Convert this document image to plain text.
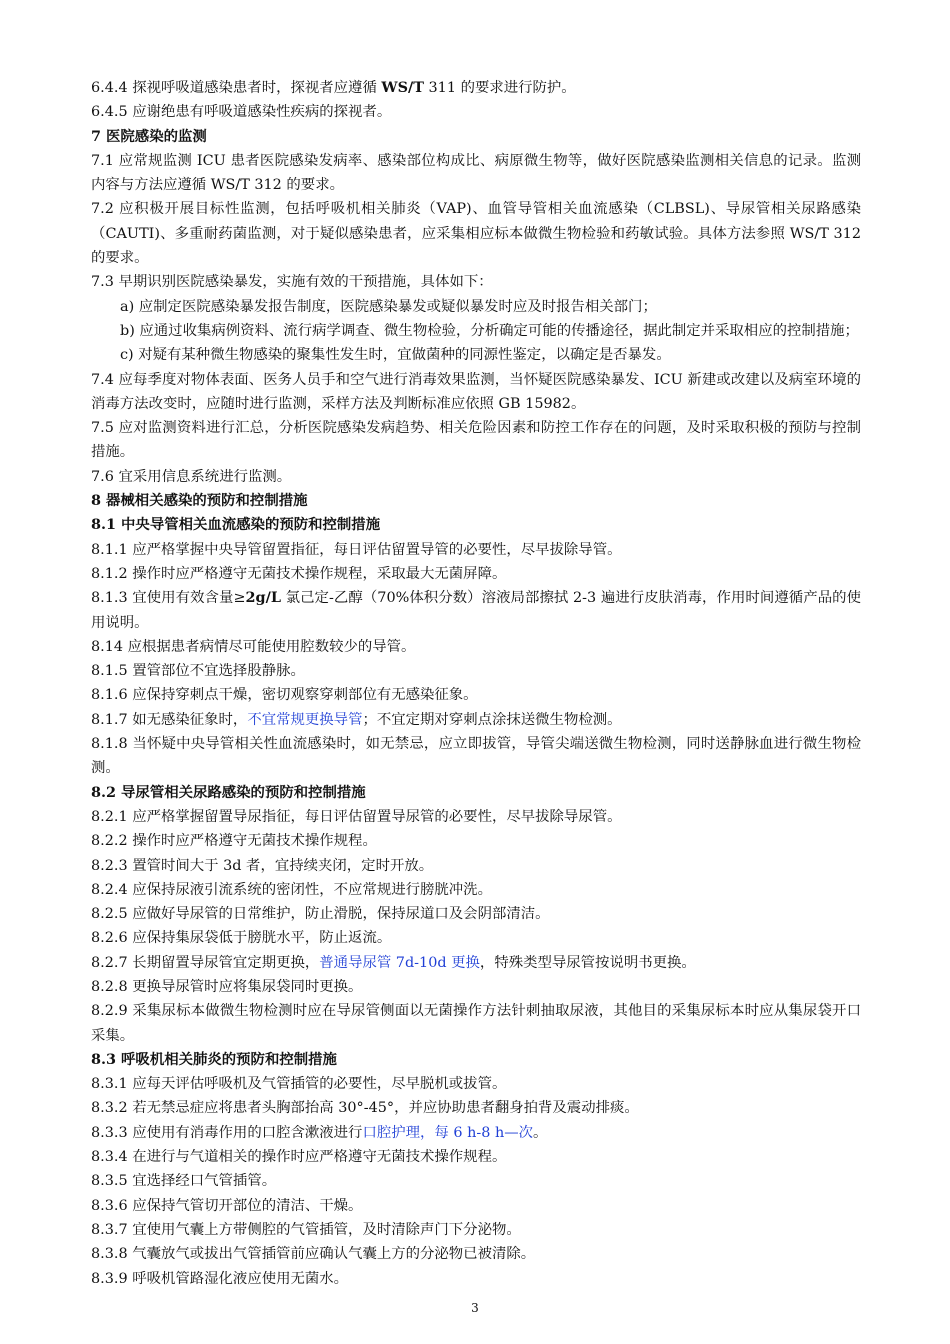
6.4.4 探视呼吸道感染患者时，探视者应遵循 WS/T 311 的要求进行防护。

6.4.5 应谢绝患有呼吸道感染性疾病的探视者。

7 医院感染的监测

7.1 应常规监测 ICU 患者医院感染发病率、感染部位构成比、病原微生物等，做好医院感染监测相关信息的记录。监测内容与方法应遵循 WS/T 312 的要求。

7.2 应积极开展目标性监测，包括呼吸机相关肺炎（VAP)、血管导管相关血流感染（CLBSL)、导尿管相关尿路感染（CAUTI)、多重耐药菌监测，对于疑似感染患者，应采集相应标本做微生物检验和药敏试验。具体方法参照 WS/T 312 的要求。

7.3 早期识别医院感染暴发，实施有效的干预措施，具体如下：

a) 应制定医院感染暴发报告制度，医院感染暴发或疑似暴发时应及时报告相关部门；

b) 应通过收集病例资料、流行病学调查、微生物检验，分析确定可能的传播途径，据此制定并采取相应的控制措施；

c) 对疑有某种微生物感染的聚集性发生时，宜做菌种的同源性鉴定，以确定是否暴发。

7.4 应每季度对物体表面、医务人员手和空气进行消毒效果监测，当怀疑医院感染暴发、ICU 新建或改建以及病室环境的消毒方法改变时，应随时进行监测，采样方法及判断标准应依照 GB 15982。

7.5 应对监测资料进行汇总，分析医院感染发病趋势、相关危险因素和防控工作存在的问题，及时采取积极的预防与控制措施。

7.6 宜采用信息系统进行监测。

8 器械相关感染的预防和控制措施

8.1 中央导管相关血流感染的预防和控制措施

8.1.1 应严格掌握中央导管留置指征，每日评估留置导管的必要性，尽早拔除导管。

8.1.2 操作时应严格遵守无菌技术操作规程，采取最大无菌屏障。

8.1.3 宜使用有效含量≥2g/L 氯己定-乙醇（70%体积分数）溶液局部擦拭 2-3 遍进行皮肤消毒，作用时间遵循产品的使用说明。

8.14 应根据患者病情尽可能使用腔数较少的导管。

8.1.5 置管部位不宜选择股静脉。

8.1.6 应保持穿刺点干燥，密切观察穿刺部位有无感染征象。

8.1.7 如无感染征象时，不宜常规更换导管；不宜定期对穿刺点涂抹送微生物检测。

8.1.8 当怀疑中央导管相关性血流感染时，如无禁忌，应立即拔管，导管尖端送微生物检测，同时送静脉血进行微生物检测。

8.2 导尿管相关尿路感染的预防和控制措施

8.2.1 应严格掌握留置导尿指征，每日评估留置导尿管的必要性，尽早拔除导尿管。

8.2.2 操作时应严格遵守无菌技术操作规程。

8.2.3 置管时间大于 3d 者，宜持续夹闭，定时开放。

8.2.4 应保持尿液引流系统的密闭性，不应常规进行膀胱冲洗。

8.2.5 应做好导尿管的日常维护，防止滑脱，保持尿道口及会阴部清洁。

8.2.6 应保持集尿袋低于膀胱水平，防止返流。

8.2.7 长期留置导尿管宜定期更换，普通导尿管 7d-10d 更换，特殊类型导尿管按说明书更换。

8.2.8 更换导尿管时应将集尿袋同时更换。

8.2.9 采集尿标本做微生物检测时应在导尿管侧面以无菌操作方法针刺抽取尿液，其他目的采集尿标本时应从集尿袋开口采集。

8.3 呼吸机相关肺炎的预防和控制措施

8.3.1 应每天评估呼吸机及气管插管的必要性，尽早脱机或拔管。

8.3.2 若无禁忌症应将患者头胸部抬高 30°-45°，并应协助患者翻身拍背及震动排痰。

8.3.3 应使用有消毒作用的口腔含漱液进行口腔护理，每 6 h-8 h—次。

8.3.4 在进行与气道相关的操作时应严格遵守无菌技术操作规程。

8.3.5 宜选择经口气管插管。

8.3.6 应保持气管切开部位的清洁、干燥。

8.3.7 宜使用气囊上方带侧腔的气管插管，及时清除声门下分泌物。

8.3.8 气囊放气或拔出气管插管前应确认气囊上方的分泌物已被清除。

8.3.9 呼吸机管路湿化液应使用无菌水。

3
